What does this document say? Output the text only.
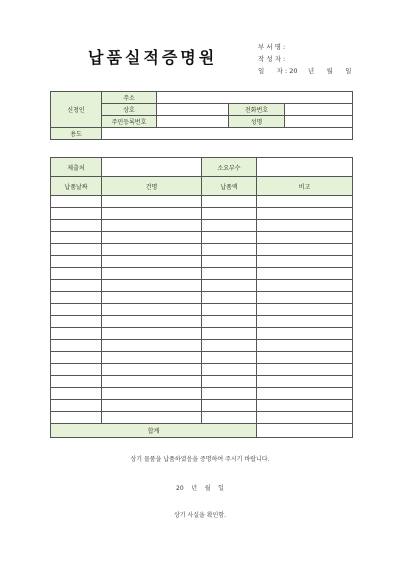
납품실적증명원
부 서 명 :
작 성 자 :
일      자 : 20     년      월      일
신청인	주소			
	상호		전화번호	
	주민등록번호		성명	
용도				
제출처		소요부수	
납품날짜	건명	납품액	비고

합계			
상기 물품을 납품하였음을 증명하여 주시기 바랍니다.
20    년    월    일
상기 사실을 확인함.
